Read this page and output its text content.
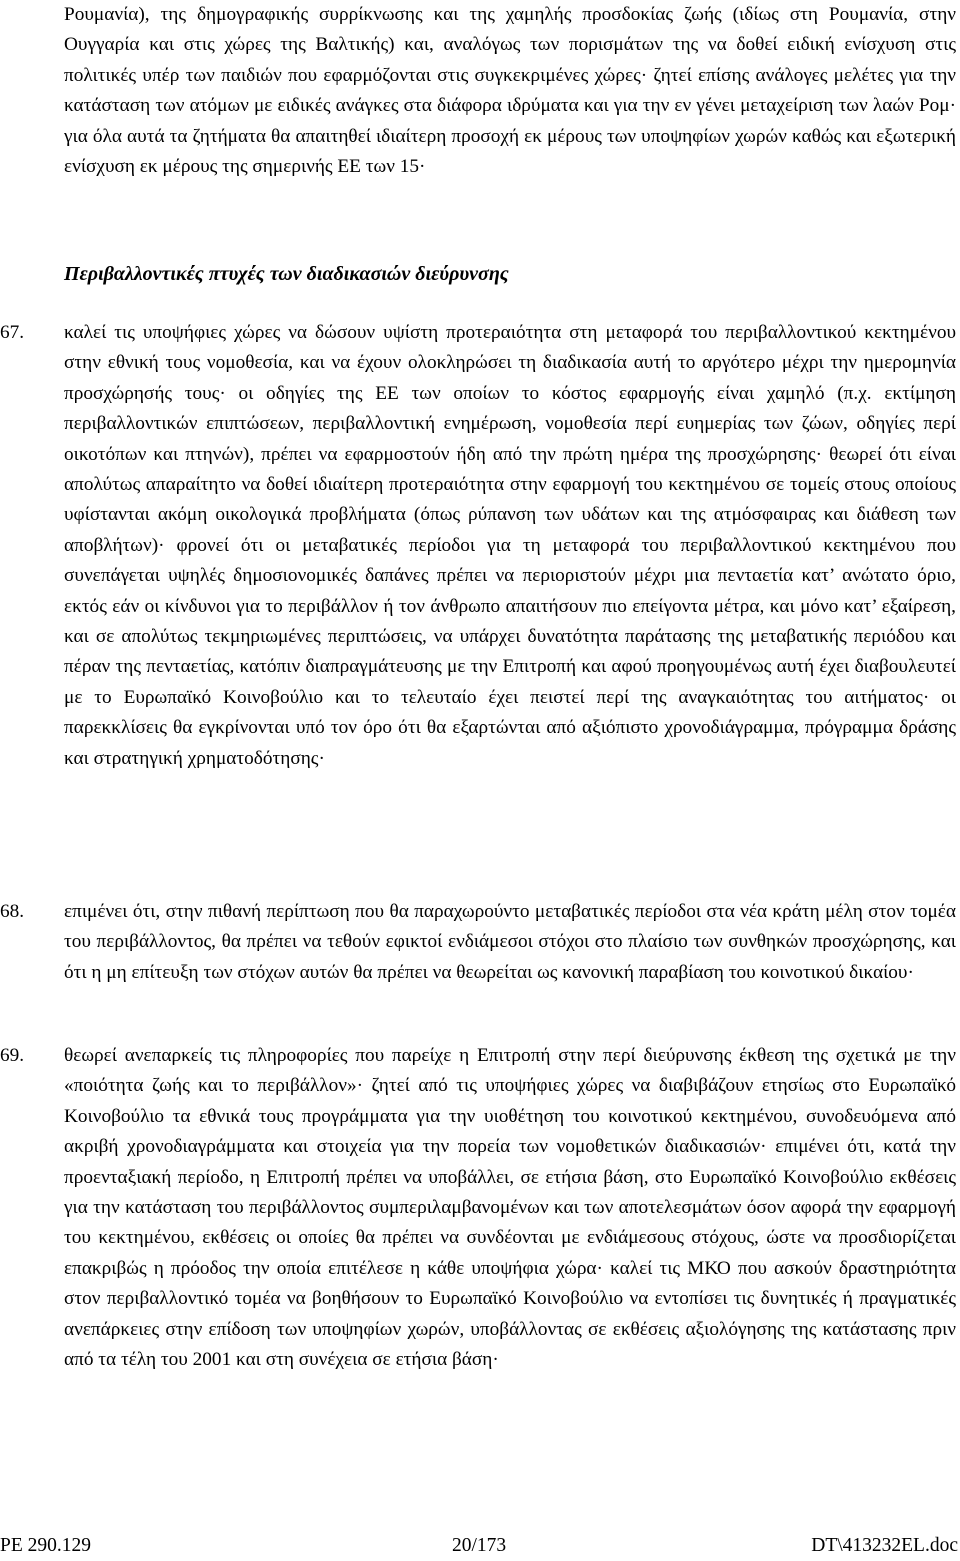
Ρουμανία), της δημογραφικής συρρίκνωσης και της χαμηλής προσδοκίας ζωής (ιδίως στη Ρουμανία, στην Ουγγαρία και στις χώρες της Βαλτικής) και, αναλόγως των πορισμάτων της να δοθεί ειδική ενίσχυση στις πολιτικές υπέρ των παιδιών που εφαρμόζονται στις συγκεκριμένες χώρες· ζητεί επίσης ανάλογες μελέτες για την κατάσταση των ατόμων με ειδικές ανάγκες στα διάφορα ιδρύματα και για την εν γένει μεταχείριση των λαών Ρομ· για όλα αυτά τα ζητήματα θα απαιτηθεί ιδιαίτερη προσοχή εκ μέρους των υποψηφίων χωρών καθώς και εξωτερική ενίσχυση εκ μέρους της σημερινής ΕΕ των 15·

Περιβαλλοντικές πτυχές των διαδικασιών διεύρυνσης

67. καλεί τις υποψήφιες χώρες να δώσουν υψίστη προτεραιότητα στη μεταφορά του περιβαλλοντικού κεκτημένου στην εθνική τους νομοθεσία, και να έχουν ολοκληρώσει τη διαδικασία αυτή το αργότερο μέχρι την ημερομηνία προσχώρησής τους· οι οδηγίες της ΕΕ των οποίων το κόστος εφαρμογής είναι χαμηλό (π.χ. εκτίμηση περιβαλλοντικών επιπτώσεων, περιβαλλοντική ενημέρωση, νομοθεσία περί ευημερίας των ζώων, οδηγίες περί οικοτόπων και πτηνών), πρέπει να εφαρμοστούν ήδη από την πρώτη ημέρα της προσχώρησης· θεωρεί ότι είναι απολύτως απαραίτητο να δοθεί ιδιαίτερη προτεραιότητα στην εφαρμογή του κεκτημένου σε τομείς στους οποίους υφίστανται ακόμη οικολογικά προβλήματα (όπως ρύπανση των υδάτων και της ατμόσφαιρας και διάθεση των αποβλήτων)· φρονεί ότι οι μεταβατικές περίοδοι για τη μεταφορά του περιβαλλοντικού κεκτημένου που συνεπάγεται υψηλές δημοσιονομικές δαπάνες πρέπει να περιοριστούν μέχρι μια πενταετία κατ’ ανώτατο όριο, εκτός εάν οι κίνδυνοι για το περιβάλλον ή τον άνθρωπο απαιτήσουν πιο επείγοντα μέτρα, και μόνο κατ’ εξαίρεση, και σε απολύτως τεκμηριωμένες περιπτώσεις, να υπάρχει δυνατότητα παράτασης της μεταβατικής περιόδου και πέραν της πενταετίας, κατόπιν διαπραγμάτευσης με την Επιτροπή και αφού προηγουμένως αυτή έχει διαβουλευτεί με το Ευρωπαϊκό Κοινοβούλιο και το τελευταίο έχει πειστεί περί της αναγκαιότητας του αιτήματος· οι παρεκκλίσεις θα εγκρίνονται υπό τον όρο ότι θα εξαρτώνται από αξιόπιστο χρονοδιάγραμμα, πρόγραμμα δράσης και στρατηγική χρηματοδότησης·
68. επιμένει ότι, στην πιθανή περίπτωση που θα παραχωρούντο μεταβατικές περίοδοι στα νέα κράτη μέλη στον τομέα του περιβάλλοντος, θα πρέπει να τεθούν εφικτοί ενδιάμεσοι στόχοι στο πλαίσιο των συνθηκών προσχώρησης, και ότι η μη επίτευξη των στόχων αυτών θα πρέπει να θεωρείται ως κανονική παραβίαση του κοινοτικού δικαίου·
69. θεωρεί ανεπαρκείς τις πληροφορίες που παρείχε η Επιτροπή στην περί διεύρυνσης έκθεση της σχετικά με την «ποιότητα ζωής και το περιβάλλον»· ζητεί από τις υποψήφιες χώρες να διαβιβάζουν ετησίως στο Ευρωπαϊκό Κοινοβούλιο τα εθνικά τους προγράμματα για την υιοθέτηση του κοινοτικού κεκτημένου, συνοδευόμενα από ακριβή χρονοδιαγράμματα και στοιχεία για την πορεία των νομοθετικών διαδικασιών· επιμένει ότι, κατά την προενταξιακή περίοδο, η Επιτροπή πρέπει να υποβάλλει, σε ετήσια βάση, στο Ευρωπαϊκό Κοινοβούλιο εκθέσεις για την κατάσταση του περιβάλλοντος συμπεριλαμβανομένων και των αποτελεσμάτων όσον αφορά την εφαρμογή του κεκτημένου, εκθέσεις οι οποίες θα πρέπει να συνδέονται με ενδιάμεσους στόχους, ώστε να προσδιορίζεται επακριβώς η πρόοδος την οποία επιτέλεσε η κάθε υποψήφια χώρα· καλεί τις ΜΚΟ που ασκούν δραστηριότητα στον περιβαλλοντικό τομέα να βοηθήσουν το Ευρωπαϊκό Κοινοβούλιο να εντοπίσει τις δυνητικές ή πραγματικές ανεπάρκειες στην επίδοση των υποψηφίων χωρών, υποβάλλοντας σε εκθέσεις αξιολόγησης της κατάστασης πριν από τα τέλη του 2001 και στη συνέχεια σε ετήσια βάση·
PE 290.129	20/173	DT\413232EL.doc
